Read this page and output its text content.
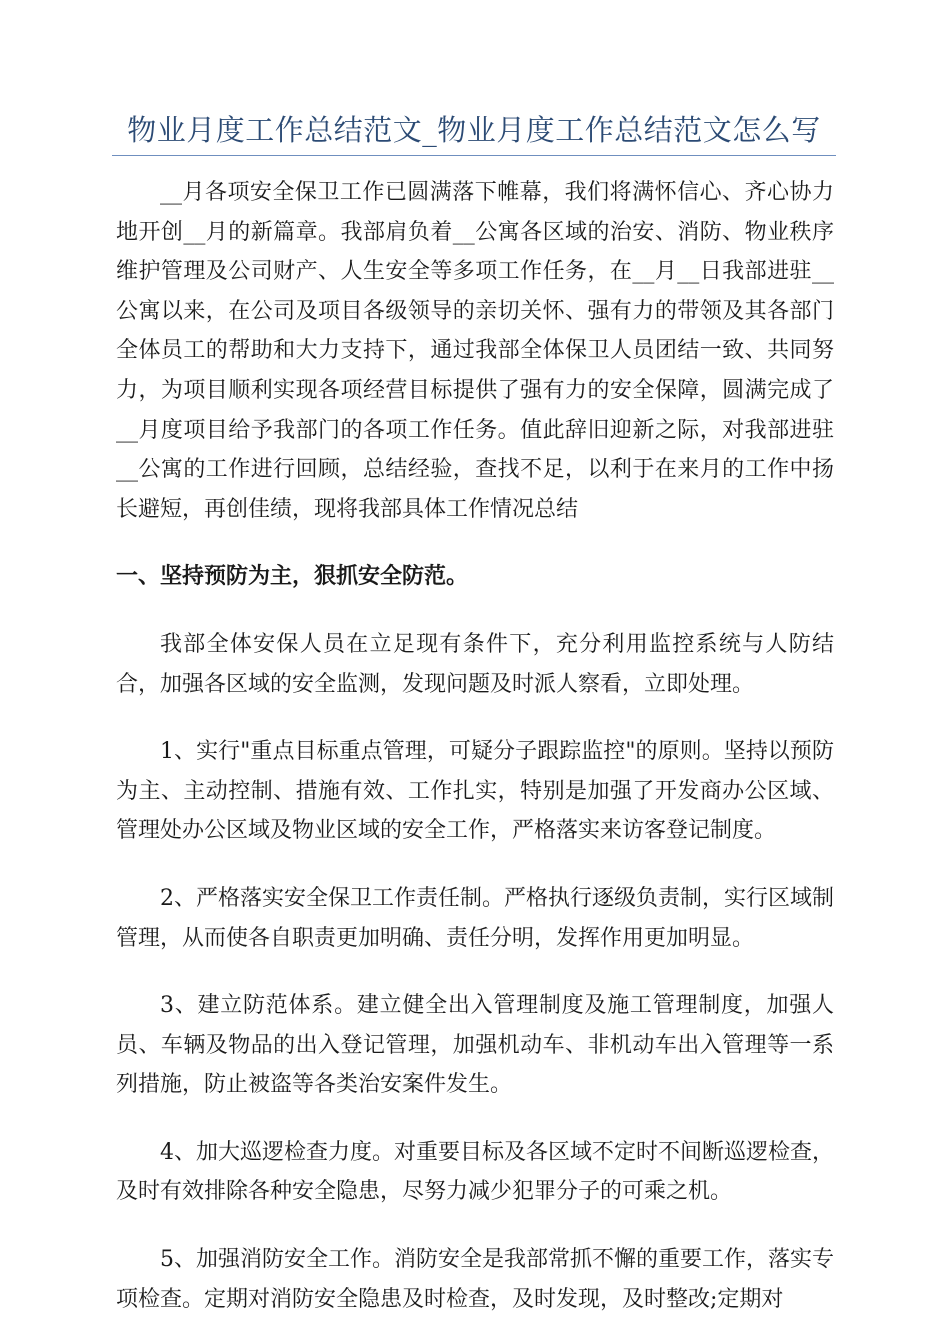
物业月度工作总结范文_物业月度工作总结范文怎么写

__月各项安全保卫工作已圆满落下帷幕，我们将满怀信心、齐心协力地开创__月的新篇章。我部肩负着__公寓各区域的治安、消防、物业秩序维护管理及公司财产、人生安全等多项工作任务，在__月__日我部进驻__公寓以来，在公司及项目各级领导的亲切关怀、强有力的带领及其各部门全体员工的帮助和大力支持下，通过我部全体保卫人员团结一致、共同努力，为项目顺利实现各项经营目标提供了强有力的安全保障，圆满完成了__月度项目给予我部门的各项工作任务。值此辞旧迎新之际，对我部进驻__公寓的工作进行回顾，总结经验，查找不足，以利于在来月的工作中扬长避短，再创佳绩，现将我部具体工作情况总结

一、坚持预防为主，狠抓安全防范。

我部全体安保人员在立足现有条件下，充分利用监控系统与人防结合，加强各区域的安全监测，发现问题及时派人察看，立即处理。

1、实行"重点目标重点管理，可疑分子跟踪监控"的原则。坚持以预防为主、主动控制、措施有效、工作扎实，特别是加强了开发商办公区域、管理处办公区域及物业区域的安全工作，严格落实来访客登记制度。

2、严格落实安全保卫工作责任制。严格执行逐级负责制，实行区域制管理，从而使各自职责更加明确、责任分明，发挥作用更加明显。

3、建立防范体系。建立健全出入管理制度及施工管理制度，加强人员、车辆及物品的出入登记管理，加强机动车、非机动车出入管理等一系列措施，防止被盗等各类治安案件发生。

4、加大巡逻检查力度。对重要目标及各区域不定时不间断巡逻检查，及时有效排除各种安全隐患，尽努力减少犯罪分子的可乘之机。

5、加强消防安全工作。消防安全是我部常抓不懈的重要工作，落实专项检查。定期对消防安全隐患及时检查，及时发现，及时整改;定期对
